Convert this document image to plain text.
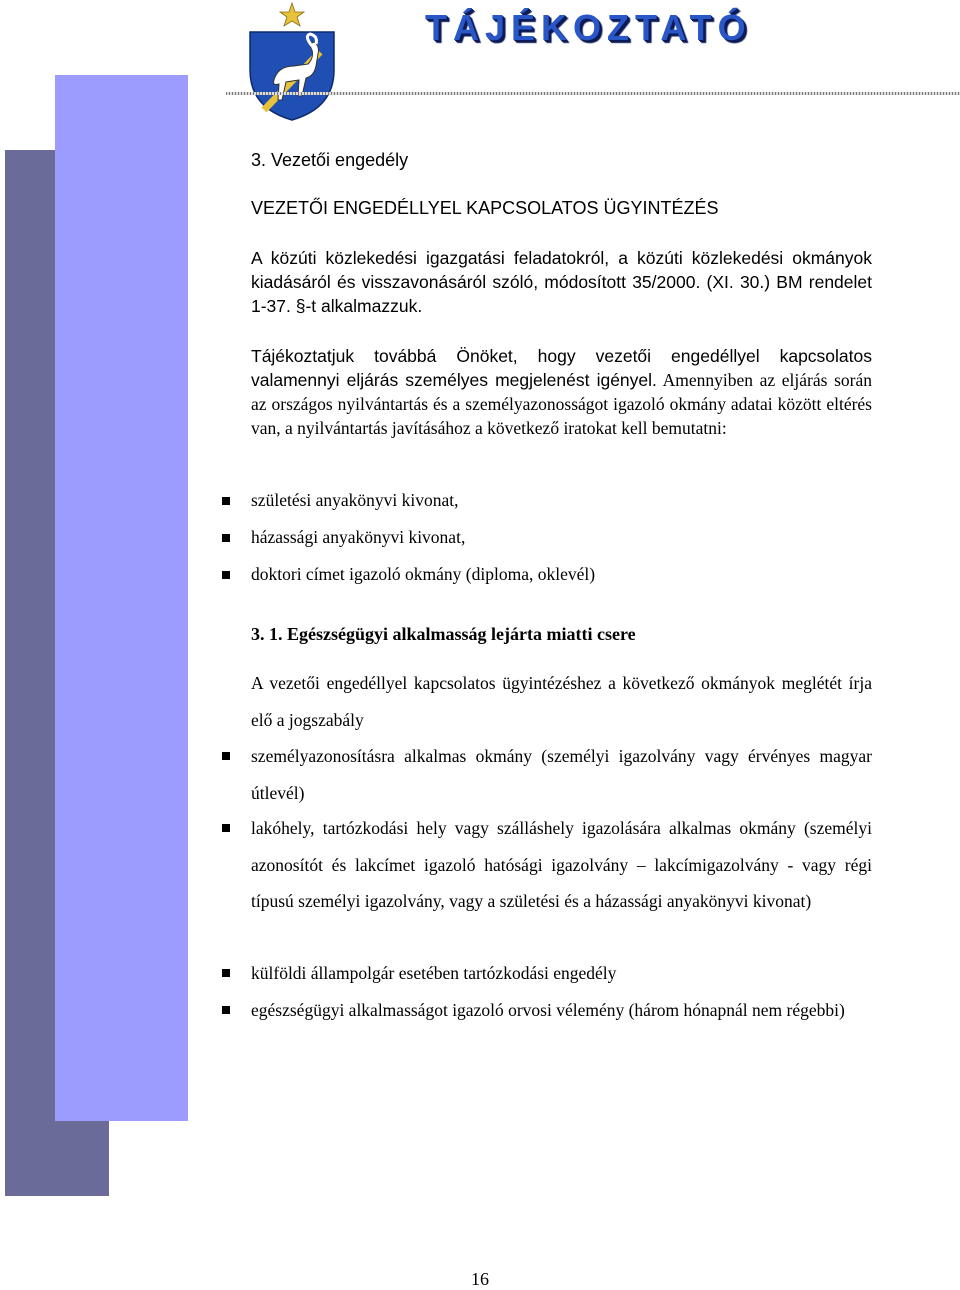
TÁJÉKOZTATÓ
3. Vezetői engedély
VEZETŐI ENGEDÉLLYEL KAPCSOLATOS ÜGYINTÉZÉS

A közúti közlekedési igazgatási feladatokról, a közúti közlekedési okmányok kiadásáról és visszavonásáról szóló, módosított 35/2000. (XI. 30.) BM rendelet 1-37. §-t alkalmazzuk.

Tájékoztatjuk továbbá Önöket, hogy vezetői engedéllyel kapcsolatos valamennyi eljárás személyes megjelenést igényel. Amennyiben az eljárás során az országos nyilvántartás és a személyazonosságot igazoló okmány adatai között eltérés van, a nyilvántartás javításához a következő iratokat kell bemutatni:

születési anyakönyvi kivonat,

házassági anyakönyvi kivonat,

doktori címet igazoló okmány (diploma, oklevél)

3. 1. Egészségügyi alkalmasság lejárta miatti csere

A vezetői engedéllyel kapcsolatos ügyintézéshez a következő okmányok meglétét írja elő a jogszabály

személyazonosításra alkalmas okmány (személyi igazolvány vagy érvényes magyar útlevél)

lakóhely, tartózkodási hely vagy szálláshely igazolására alkalmas okmány (személyi azonosítót és lakcímet igazoló hatósági igazolvány – lakcímigazolvány - vagy régi típusú személyi igazolvány, vagy a születési és a házassági anyakönyvi kivonat)

külföldi állampolgár esetében tartózkodási engedély

egészségügyi alkalmasságot igazoló orvosi vélemény (három hónapnál nem régebbi)

16
